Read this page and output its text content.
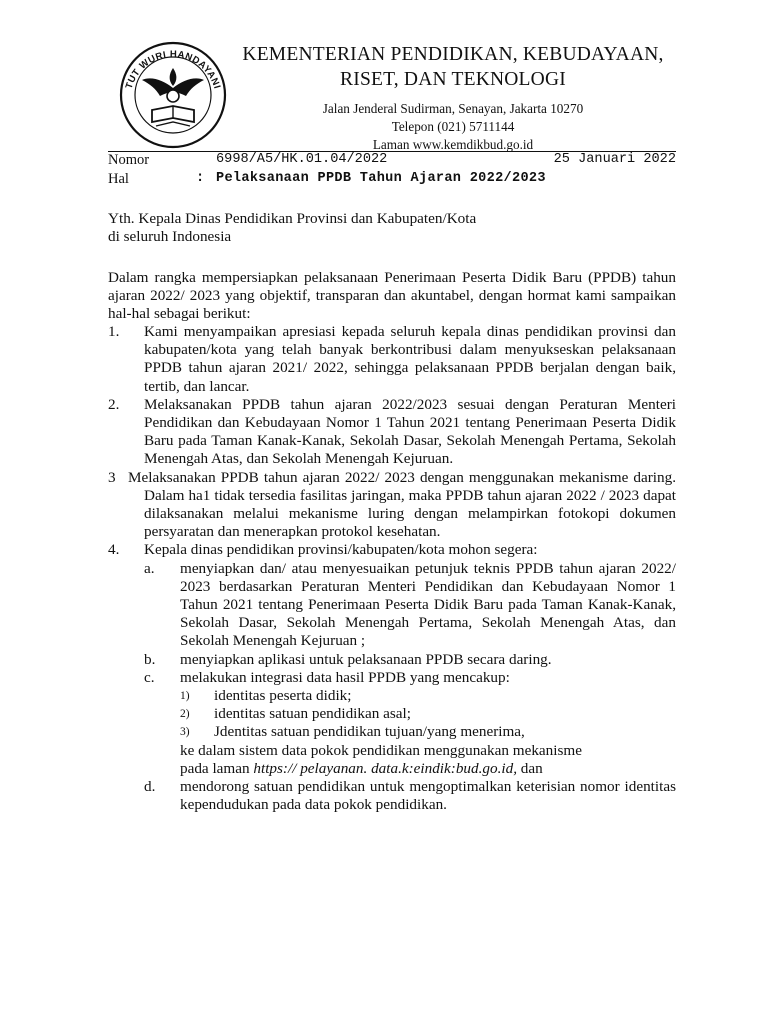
TUT WURI HANDAYANI
KEMENTERIAN PENDIDIKAN, KEBUDAYAAN,
RISET, DAN TEKNOLOGI
Jalan Jenderal Sudirman, Senayan, Jakarta 10270
Telepon (021) 5711144
Laman www.kemdikbud.go.id
Nomor	6998/A5/HK.01.04/2022	25 Januari 2022
Hal	: Pelaksanaan PPDB Tahun Ajaran 2022/2023
Yth. Kepala Dinas Pendidikan Provinsi dan Kabupaten/Kota
di seluruh Indonesia
Dalam rangka mempersiapkan pelaksanaan Penerimaan Peserta Didik Baru (PPDB) tahun ajaran 2022/ 2023 yang objektif, transparan dan akuntabel, dengan hormat kami sampaikan hal-hal sebagai berikut:
1. Kami menyampaikan apresiasi kepada seluruh kepala dinas pendidikan provinsi dan kabupaten/kota yang telah banyak berkontribusi dalam menyukseskan pelaksanaan PPDB tahun ajaran 2021/ 2022, sehingga pelaksanaan PPDB berjalan dengan baik, tertib, dan lancar.
2. Melaksanakan PPDB tahun ajaran 2022/2023 sesuai dengan Peraturan Menteri Pendidikan dan Kebudayaan Nomor 1 Tahun 2021 tentang Penerimaan Peserta Didik Baru pada Taman Kanak-Kanak, Sekolah Dasar, Sekolah Menengah Pertama, Sekolah Menengah Atas, dan Sekolah Menengah Kejuruan.
3 Melaksanakan PPDB tahun ajaran 2022/ 2023 dengan menggunakan mekanisme daring. Dalam ha1 tidak tersedia fasilitas jaringan, maka PPDB tahun ajaran 2022 / 2023 dapat dilaksanakan melalui mekanisme luring dengan melampirkan fotokopi dokumen persyaratan dan menerapkan protokol kesehatan.
4. Kepala dinas pendidikan provinsi/kabupaten/kota mohon segera:
a. menyiapkan dan/ atau menyesuaikan petunjuk teknis PPDB tahun ajaran 2022/ 2023 berdasarkan Peraturan Menteri Pendidikan dan Kebudayaan Nomor 1 Tahun 2021 tentang Penerimaan Peserta Didik Baru pada Taman Kanak-Kanak, Sekolah Dasar, Sekolah Menengah Pertama, Sekolah Menengah Atas, dan Sekolah Menengah Kejuruan ;
b. menyiapkan aplikasi untuk pelaksanaan PPDB secara daring.
c. melakukan integrasi data hasil PPDB yang mencakup:
1) identitas peserta didik;
2) identitas satuan pendidikan asal;
3) Jdentitas satuan pendidikan tujuan/yang menerima,
ke dalam sistem data pokok pendidikan menggunakan mekanisme
pada laman https:// pelayanan. data.k:eindik:bud.go.id, dan
d. mendorong satuan pendidikan untuk mengoptimalkan keterisian nomor identitas kependudukan pada data pokok pendidikan.
